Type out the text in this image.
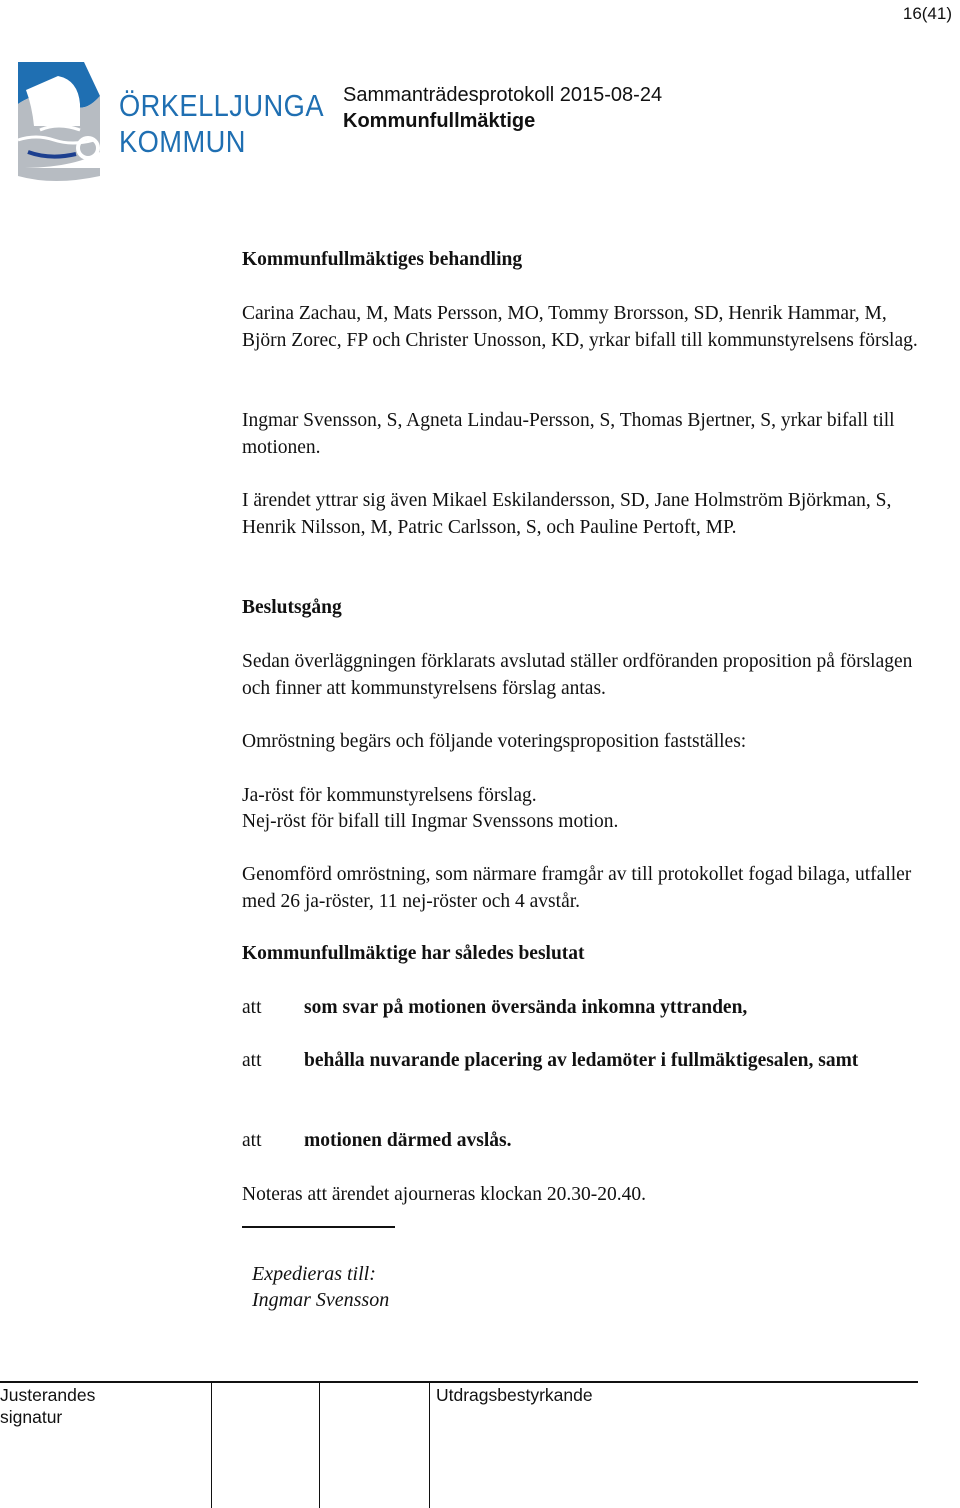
16(41)
ÖRKELLJUNGA
KOMMUN
Sammanträdesprotokoll 2015-08-24
Kommunfullmäktige
Kommunfullmäktiges behandling
Carina Zachau, M, Mats Persson, MO, Tommy Brorsson, SD, Henrik Hammar, M, Björn Zorec, FP och Christer Unosson, KD, yrkar bifall till kommunstyrelsens förslag.
Ingmar Svensson, S, Agneta Lindau-Persson, S, Thomas Bjertner, S, yrkar bifall till motionen.
I ärendet yttrar sig även Mikael Eskilandersson, SD, Jane Holmström Björkman, S, Henrik Nilsson, M, Patric Carlsson, S, och Pauline Pertoft, MP.
Beslutsgång
Sedan överläggningen förklarats avslutad ställer ordföranden proposition på förslagen och finner att kommunstyrelsens förslag antas.
Omröstning begärs och följande voteringsproposition fastställes:
Ja-röst för kommunstyrelsens förslag.
Nej-röst för bifall till Ingmar Svenssons motion.
Genomförd omröstning, som närmare framgår av till protokollet fogad bilaga, utfaller med 26 ja-röster, 11 nej-röster och 4 avstår.
Kommunfullmäktige har således beslutat
att som svar på motionen översända inkomna yttranden,
att behålla nuvarande placering av ledamöter i fullmäktigesalen, samt
att motionen därmed avslås.
Noteras att ärendet ajourneras klockan 20.30-20.40.
Expedieras till:
Ingmar Svensson
Justerandes
signatur
Utdragsbestyrkande
